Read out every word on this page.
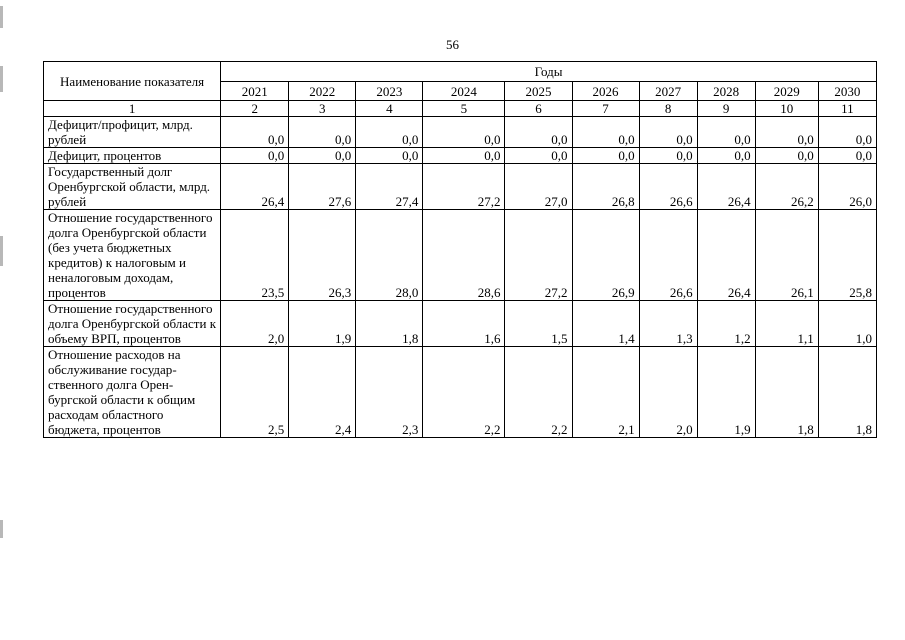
56
Наименование показателя	Годы									
	2021	2022	2023	2024	2025	2026	2027	2028	2029	2030
1	2	3	4	5	6	7	8	9	10	11
Дефицит/профицит, млрд. рублей	0,0	0,0	0,0	0,0	0,0	0,0	0,0	0,0	0,0	0,0
Дефицит, процентов	0,0	0,0	0,0	0,0	0,0	0,0	0,0	0,0	0,0	0,0
Государственный долг Оренбургской области, млрд. рублей	26,4	27,6	27,4	27,2	27,0	26,8	26,6	26,4	26,2	26,0
Отношение государственного долга Оренбургской области (без учета бюджетных кредитов) к налоговым и неналоговым доходам, процентов	23,5	26,3	28,0	28,6	27,2	26,9	26,6	26,4	26,1	25,8
Отношение государственного долга Оренбургской области к объему ВРП, процентов	2,0	1,9	1,8	1,6	1,5	1,4	1,3	1,2	1,1	1,0
Отношение расходов на обслуживание государственного долга Оренбургской области к общим расходам областного бюджета, процентов	2,5	2,4	2,3	2,2	2,2	2,1	2,0	1,9	1,8	1,8
